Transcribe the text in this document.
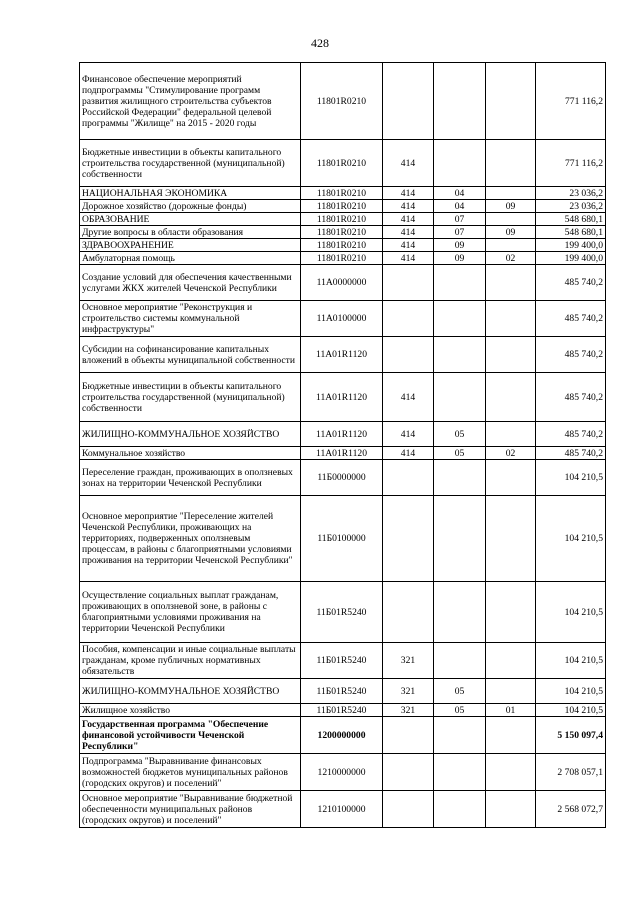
428
Финансовое обеспечение мероприятий подпрограммы "Стимулирование программ развития жилищного строительства субъектов Российской Федерации" федеральной целевой программы "Жилище" на 2015 - 2020 годы	11801R0210				771 116,2
Бюджетные инвестиции в объекты капитального строительства государственной (муниципальной) собственности	11801R0210	414			771 116,2
НАЦИОНАЛЬНАЯ ЭКОНОМИКА	11801R0210	414	04		23 036,2
Дорожное хозяйство (дорожные фонды)	11801R0210	414	04	09	23 036,2
ОБРАЗОВАНИЕ	11801R0210	414	07		548 680,1
Другие вопросы в области образования	11801R0210	414	07	09	548 680,1
ЗДРАВООХРАНЕНИЕ	11801R0210	414	09		199 400,0
Амбулаторная помощь	11801R0210	414	09	02	199 400,0
Создание условий для обеспечения качественными услугами ЖКХ жителей Чеченской Республики	11А0000000				485 740,2
Основное мероприятие "Реконструкция и строительство системы коммунальной инфраструктуры"	11А0100000				485 740,2
Субсидии на софинансирование капитальных вложений в объекты муниципальной собственности	11А01R1120				485 740,2
Бюджетные инвестиции в объекты капитального строительства государственной (муниципальной) собственности	11А01R1120	414			485 740,2
ЖИЛИЩНО-КОММУНАЛЬНОЕ ХОЗЯЙСТВО	11А01R1120	414	05		485 740,2
Коммунальное хозяйство	11А01R1120	414	05	02	485 740,2
Переселение граждан, проживающих в оползневых зонах на территории Чеченской Республики	11Б0000000				104 210,5
Основное мероприятие "Переселение жителей Чеченской Республики, проживающих на территориях, подверженных оползневым процессам, в районы с благоприятными условиями проживания на территории Чеченской Республики"	11Б0100000				104 210,5
Осуществление социальных выплат гражданам, проживающих в оползневой зоне, в районы с благоприятными условиями проживания на территории Чеченской Республики	11Б01R5240				104 210,5
Пособия, компенсации и иные социальные выплаты гражданам, кроме публичных нормативных обязательств	11Б01R5240	321			104 210,5
ЖИЛИЩНО-КОММУНАЛЬНОЕ ХОЗЯЙСТВО	11Б01R5240	321	05		104 210,5
Жилищное хозяйство	11Б01R5240	321	05	01	104 210,5
Государственная программа "Обеспечение финансовой устойчивости Чеченской Республики"	1200000000				5 150 097,4
Подпрограмма "Выравнивание финансовых возможностей бюджетов муниципальных районов (городских округов) и поселений"	1210000000				2 708 057,1
Основное мероприятие "Выравнивание бюджетной обеспеченности муниципальных районов (городских округов) и поселений"	1210100000				2 568 072,7
